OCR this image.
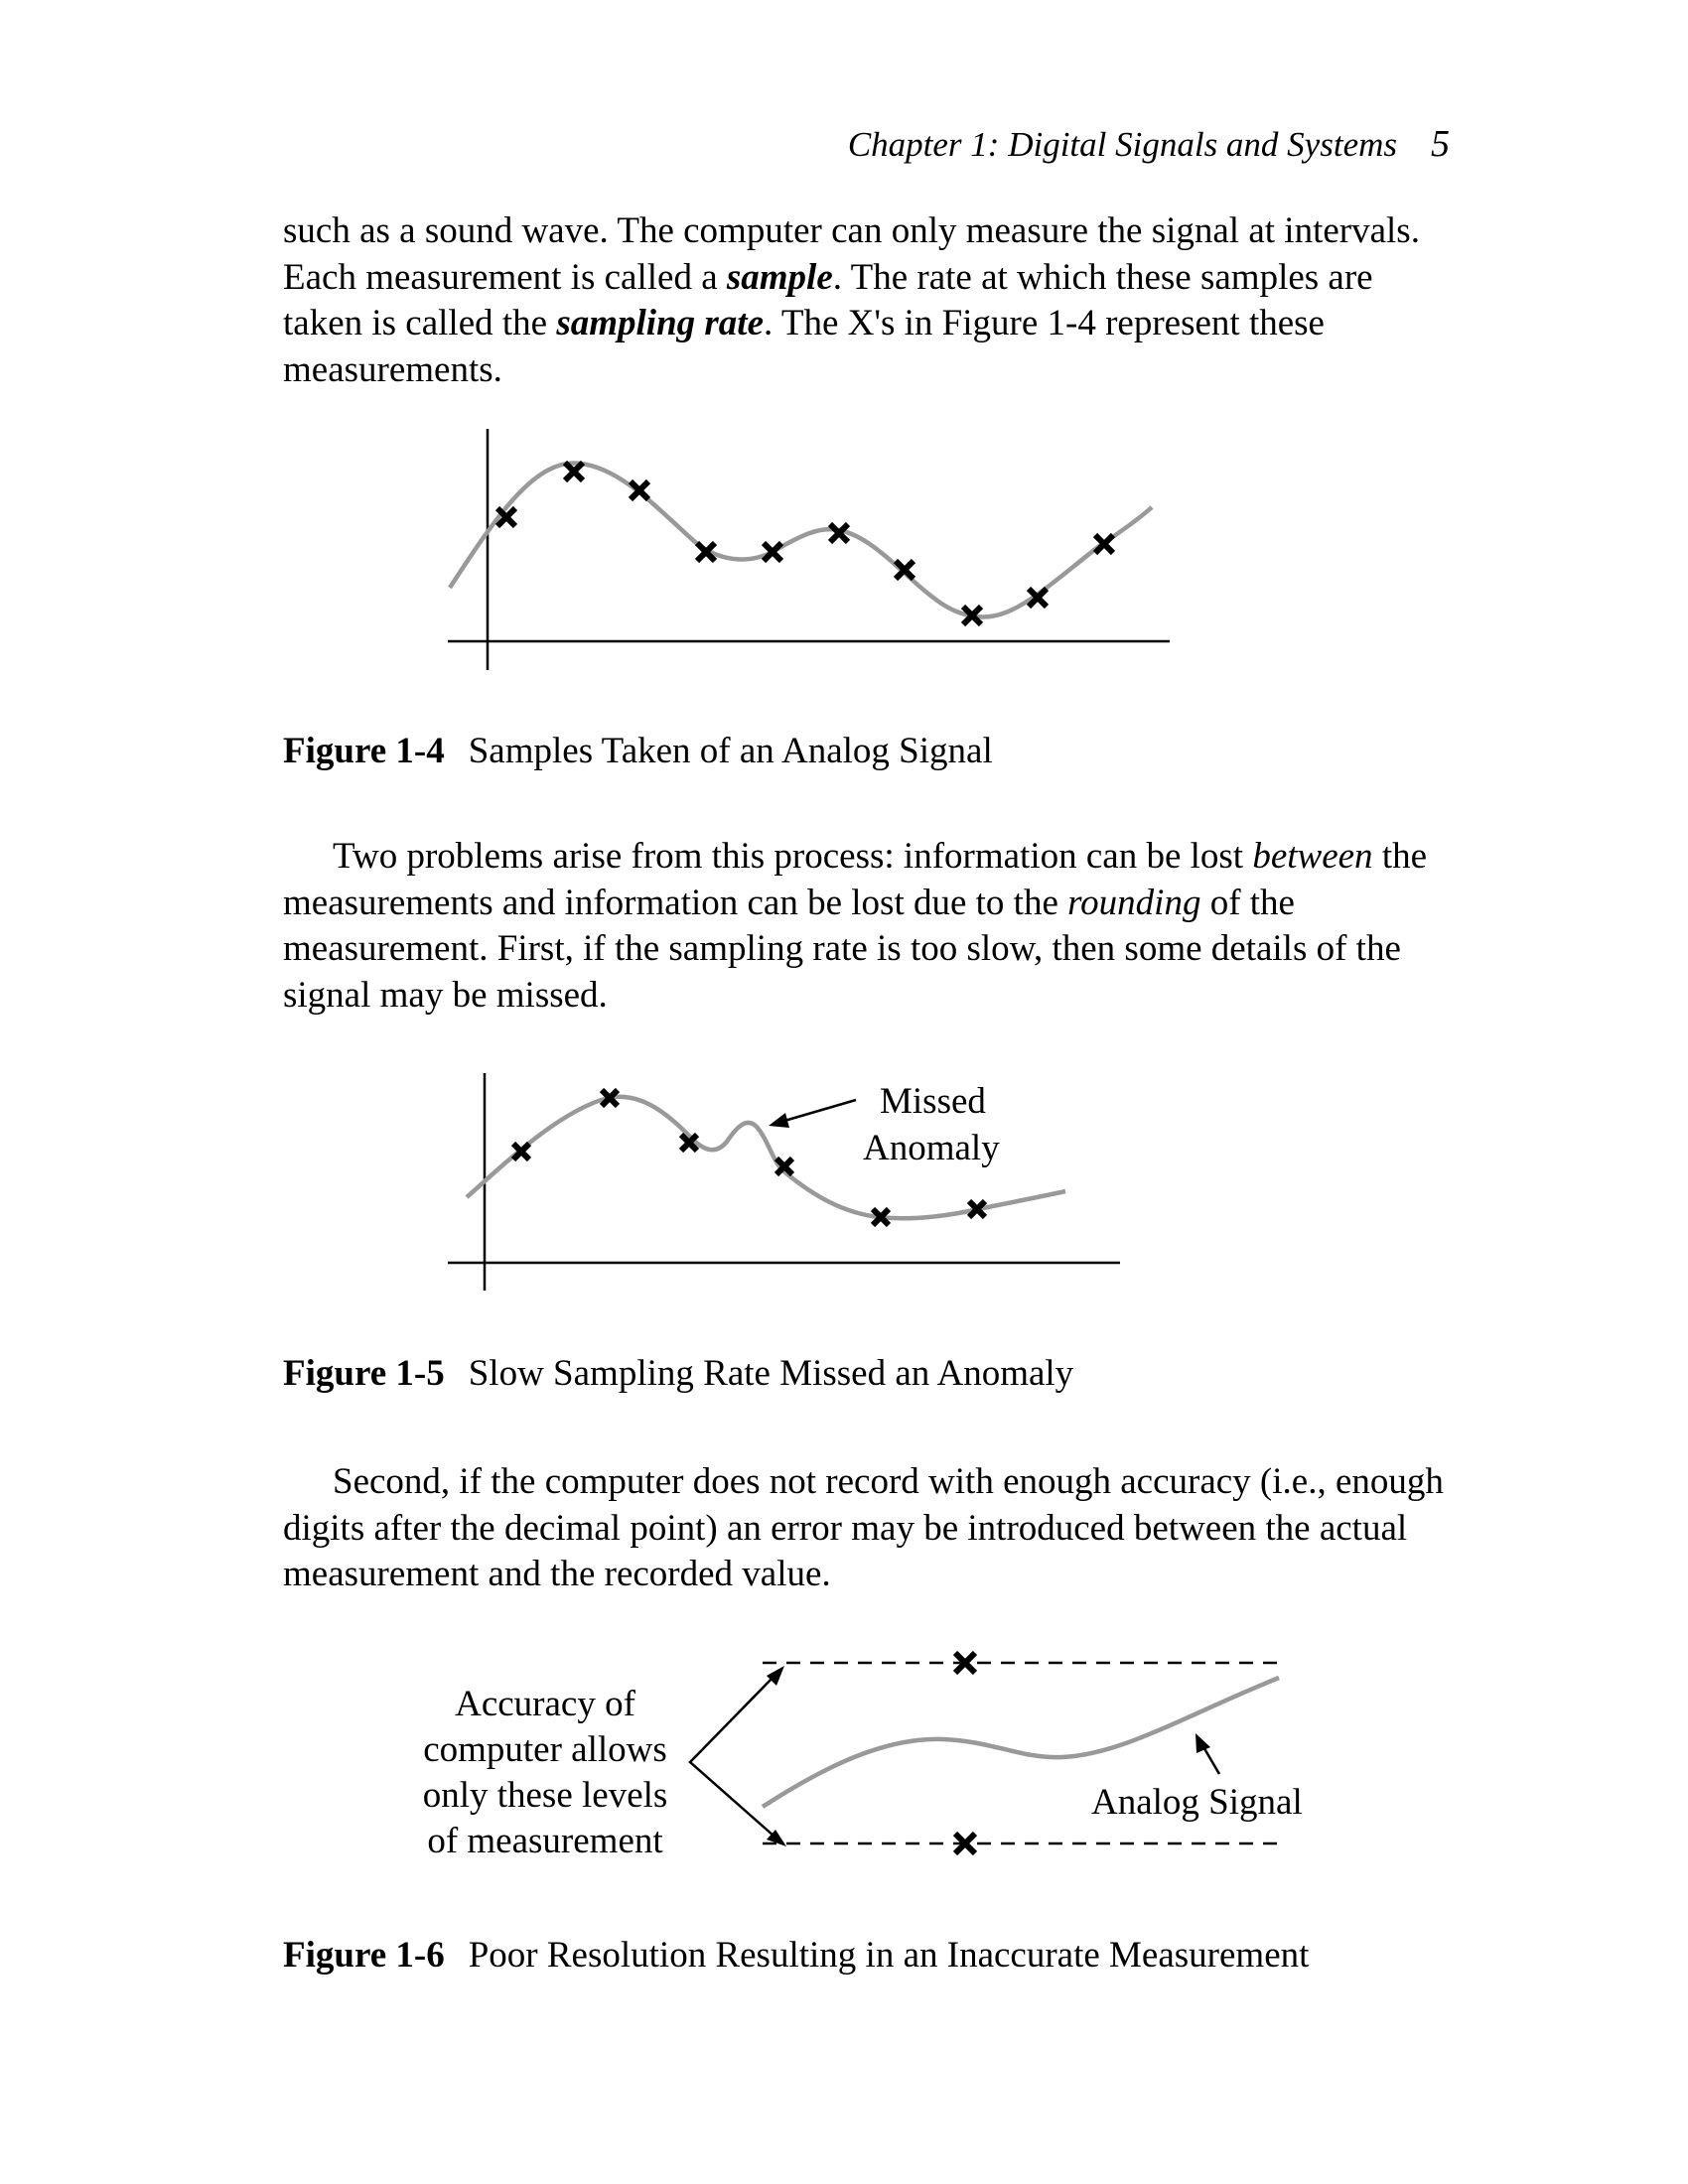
Chapter 1: Digital Signals and Systems 5

such as a sound wave. The computer can only measure the signal at intervals. Each measurement is called a sample. The rate at which these samples are taken is called the sampling rate. The X's in Figure 1-4 represent these measurements.

Figure 1-4 Samples Taken of an Analog Signal

Two problems arise from this process: information can be lost between the measurements and information can be lost due to the rounding of the measurement. First, if the sampling rate is too slow, then some details of the signal may be missed.

Missed
Anomaly
Figure 1-5 Slow Sampling Rate Missed an Anomaly

Second, if the computer does not record with enough accuracy (i.e., enough digits after the decimal point) an error may be introduced between the actual measurement and the recorded value.

Accuracy of
computer allows
only these levels
of measurement
Analog Signal
Figure 1-6 Poor Resolution Resulting in an Inaccurate Measurement
